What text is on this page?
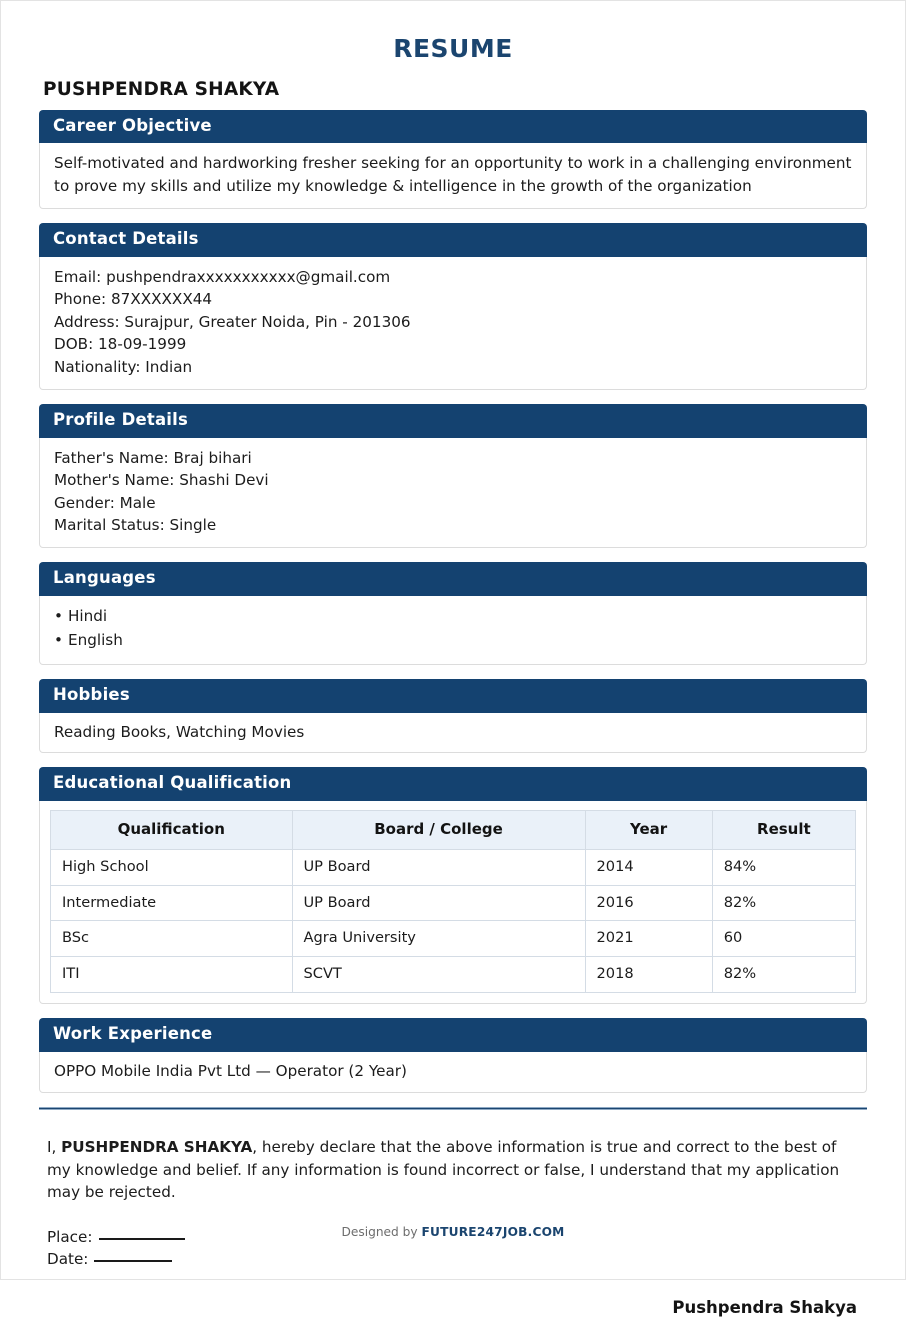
RESUME
PUSHPENDRA SHAKYA
Career Objective

Self-motivated and hardworking fresher seeking for an opportunity to work in a challenging environment to prove my skills and utilize my knowledge & intelligence in the growth of the organization

Contact Details
Email: pushpendraxxxxxxxxxxx@gmail.com
Phone: 87XXXXXX44
Address: Surajpur, Greater Noida, Pin - 201306
DOB: 18-09-1999
Nationality: Indian
Profile Details
Father's Name: Braj bihari
Mother's Name: Shashi Devi
Gender: Male
Marital Status: Single
Languages
• Hindi
• English
Hobbies

Reading Books, Watching Movies

Educational Qualification
Qualification	Board / College	Year	Result
High School	UP Board	2014	84%
Intermediate	UP Board	2016	82%
BSc	Agra University	2021	60
ITI	SCVT	2018	82%
Work Experience

OPPO Mobile India Pvt Ltd — Operator (2 Year)

I, PUSHPENDRA SHAKYA, hereby declare that the above information is true and correct to the best of my knowledge and belief. If any information is found incorrect or false, I understand that my application may be rejected.
Place:
Date:
Pushpendra Shakya
Designed by FUTURE247JOB.COM
